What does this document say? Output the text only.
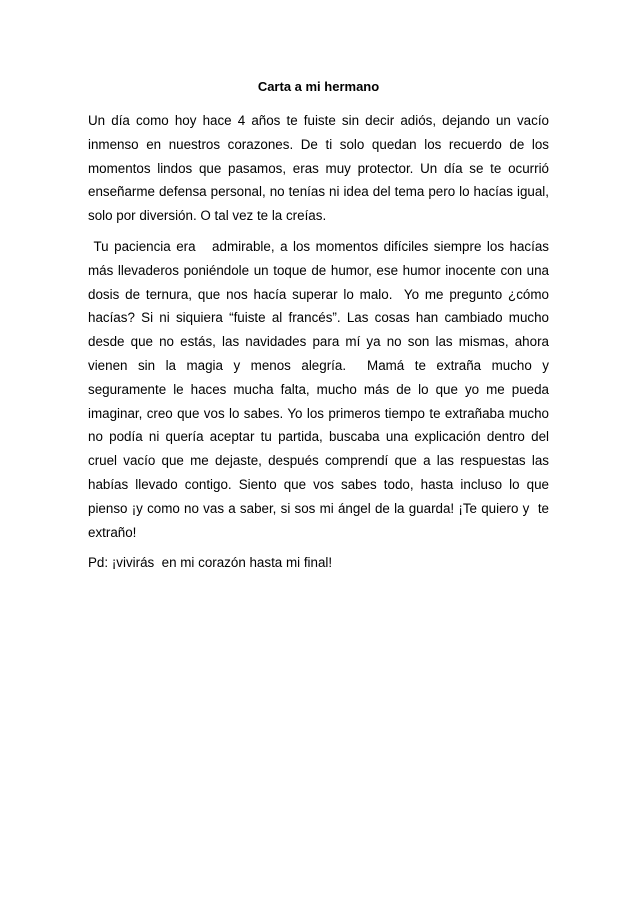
Carta a mi hermano

Un día como hoy hace 4 años te fuiste sin decir adiós, dejando un vacío inmenso en nuestros corazones. De ti solo quedan los recuerdo de los momentos lindos que pasamos, eras muy protector. Un día se te ocurrió enseñarme defensa personal, no tenías ni idea del tema pero lo hacías igual, solo por diversión. O tal vez te la creías.

Tu paciencia era   admirable, a los momentos difíciles siempre los hacías más llevaderos poniéndole un toque de humor, ese humor inocente con una dosis de ternura, que nos hacía superar lo malo.  Yo me pregunto ¿cómo hacías? Si ni siquiera “fuiste al francés”. Las cosas han cambiado mucho desde que no estás, las navidades para mí ya no son las mismas, ahora vienen sin la magia y menos alegría.  Mamá te extraña mucho y seguramente le haces mucha falta, mucho más de lo que yo me pueda imaginar, creo que vos lo sabes. Yo los primeros tiempo te extrañaba mucho no podía ni quería aceptar tu partida, buscaba una explicación dentro del cruel vacío que me dejaste, después comprendí que a las respuestas las habías llevado contigo. Siento que vos sabes todo, hasta incluso lo que pienso ¡y como no vas a saber, si sos mi ángel de la guarda! ¡Te quiero y  te extraño!

Pd: ¡vivirás  en mi corazón hasta mi final!
